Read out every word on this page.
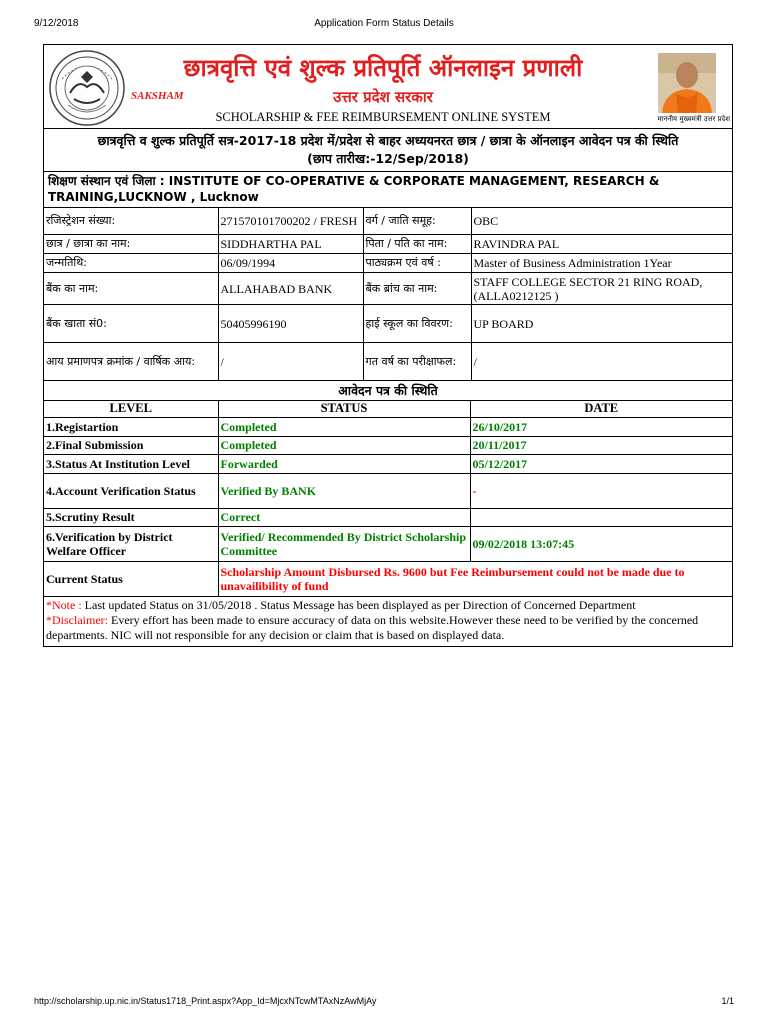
9/12/2018	Application Form Status Details
छात्रवृत्ति एवं शुल्क प्रतिपूर्ति ऑनलाइन प्रणाली
SAKSHAM	उत्तर प्रदेश सरकार
SCHOLARSHIP & FEE REIMBURSEMENT ONLINE SYSTEM	माननीय मुख्यमंत्री उत्तर प्रदेश
छात्रवृत्ति व शुल्क प्रतिपूर्ति सत्र-2017-18 प्रदेश में/प्रदेश से बाहर अध्ययनरत छात्र / छात्रा के ऑनलाइन आवेदन पत्र की स्थिति
(छाप तारीख:-12/Sep/2018)

शिक्षण संस्थान एवं जिला : INSTITUTE OF CO-OPERATIVE & CORPORATE MANAGEMENT, RESEARCH & TRAINING,LUCKNOW , Lucknow
रजिस्ट्रेशन संख्या:	271570101700202 / FRESH	वर्ग / जाति समूह:	OBC
छात्र / छात्रा का नाम:	SIDDHARTHA PAL	पिता / पति का नाम:	RAVINDRA PAL
जन्मतिथि:	06/09/1994	पाठ्यक्रम एवं वर्ष :	Master of Business Administration 1Year
बैंक का नाम:	ALLAHABAD BANK	बैंक ब्रांच का नाम:	STAFF COLLEGE SECTOR 21 RING ROAD, (ALLA0212125 )
बैंक खाता सं0:	50405996190	हाई स्कूल का विवरण:	UP BOARD
आय प्रमाणपत्र क्रमांक / वार्षिक आय:	/	गत वर्ष का परीक्षाफल:	/
आवेदन पत्र की स्थिति		
LEVEL	STATUS	DATE
1.Registartion	Completed	26/10/2017
2.Final Submission	Completed	20/11/2017
3.Status At Institution Level	Forwarded	05/12/2017
4.Account Verification Status	Verified By BANK	-
5.Scrutiny Result	Correct	
6.Verification by District Welfare Officer	Verified/ Recommended By District Scholarship Committee	09/02/2018 13:07:45
Current Status	Scholarship Amount Disbursed Rs. 9600 but Fee Reimbursement could not be made due to unavailibility of fund	
*Note : Last updated Status on 31/05/2018 . Status Message has been displayed as per Direction of Concerned Department
*Disclaimer: Every effort has been made to ensure accuracy of data on this website.However these need to be verified by the concerned departments. NIC will not responsible for any decision or claim that is based on displayed data.
http://scholarship.up.nic.in/Status1718_Print.aspx?App_Id=MjcxNTcwMTAxNzAwMjAy	1/1
